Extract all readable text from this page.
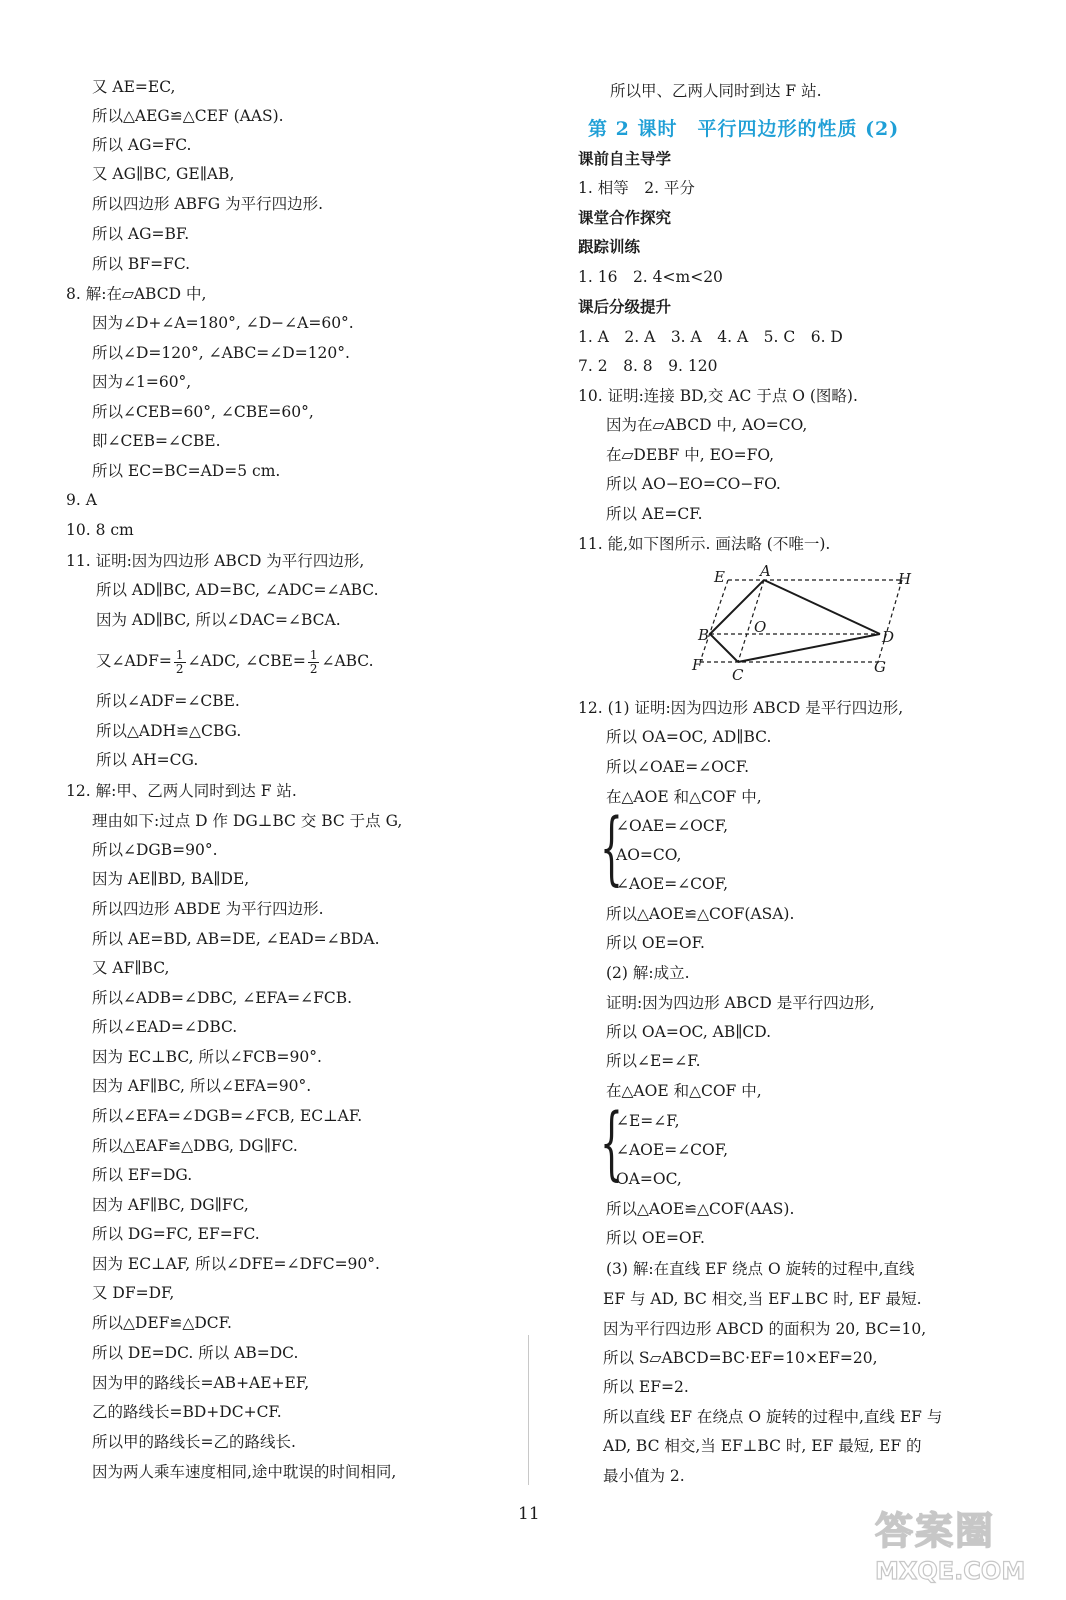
又 AE=EC,
所以△AEG≌△CEF (AAS).
所以 AG=FC.
又 AG∥BC, GE∥AB,
所以四边形 ABFG 为平行四边形.
所以 AG=BF.
所以 BF=FC.
8. 解:在▱ABCD 中,
因为∠D+∠A=180°, ∠D−∠A=60°.
所以∠D=120°, ∠ABC=∠D=120°.
因为∠1=60°,
所以∠CEB=60°, ∠CBE=60°,
即∠CEB=∠CBE.
所以 EC=BC=AD=5 cm.
9. A
10. 8 cm
11. 证明:因为四边形 ABCD 为平行四边形,
所以 AD∥BC, AD=BC, ∠ADC=∠ABC.
因为 AD∥BC, 所以∠DAC=∠BCA.
又∠ADF= $\frac{1}{2}$ ∠ADC, ∠CBE= $\frac{1}{2}$ ∠ABC.
所以∠ADF=∠CBE.
所以△ADH≌△CBG.
所以 AH=CG.
12. 解:甲、乙两人同时到达 F 站.
理由如下:过点 D 作 DG⊥BC 交 BC 于点 G,
所以∠DGB=90°.
因为 AE∥BD, BA∥DE,
所以四边形 ABDE 为平行四边形.
所以 AE=BD, AB=DE, ∠EAD=∠BDA.
又 AF∥BC,
所以∠ADB=∠DBC, ∠EFA=∠FCB.
所以∠EAD=∠DBC.
因为 EC⊥BC, 所以∠FCB=90°.
因为 AF∥BC, 所以∠EFA=90°.
所以∠EFA=∠DGB=∠FCB, EC⊥AF.
所以△EAF≌△DBG, DG∥FC.
所以 EF=DG.
因为 AF∥BC, DG∥FC,
所以 DG=FC, EF=FC.
因为 EC⊥AF, 所以∠DFE=∠DFC=90°.
又 DF=DF,
所以△DEF≌△DCF.
所以 DE=DC. 所以 AB=DC.
因为甲的路线长=AB+AE+EF,
乙的路线长=BD+DC+CF.
所以甲的路线长=乙的路线长.
因为两人乘车速度相同,途中耽误的时间相同,
所以甲、乙两人同时到达 F 站.
第 2 课时　平行四边形的性质 (2)
课前自主导学
1. 相等　2. 平分
课堂合作探究
跟踪训练
1. 16　2. 4<m<20
课后分级提升
1. A　2. A　3. A　4. A　5. C　6. D
7. 2　8. 8　9. 120
10. 证明:连接 BD,交 AC 于点 O (图略).
因为在▱ABCD 中, AO=CO,
在▱DEBF 中, EO=FO,
所以 AO−EO=CO−FO.
所以 AE=CF.
11. 能,如下图所示. 画法略 (不唯一).
E A	H
B	O
D
F
C	G
12. (1) 证明:因为四边形 ABCD 是平行四边形,
所以 OA=OC, AD∥BC.
所以∠OAE=∠OCF.
在△AOE 和△COF 中,
{
∠OAE=∠OCF,
AO=CO,
∠AOE=∠COF,
所以△AOE≌△COF(ASA).
所以 OE=OF.
(2) 解:成立.
证明:因为四边形 ABCD 是平行四边形,
所以 OA=OC, AB∥CD.
所以∠E=∠F.
在△AOE 和△COF 中,
{
∠E=∠F,
∠AOE=∠COF,
OA=OC,
所以△AOE≌△COF(AAS).
所以 OE=OF.
(3) 解:在直线 EF 绕点 O 旋转的过程中,直线
EF 与 AD, BC 相交,当 EF⊥BC 时, EF 最短.
因为平行四边形 ABCD 的面积为 20, BC=10,
所以 S▱ABCD=BC·EF=10×EF=20,
所以 EF=2.
所以直线 EF 在绕点 O 旋转的过程中,直线 EF 与
AD, BC 相交,当 EF⊥BC 时, EF 最短, EF 的
最小值为 2.
11	答案圈
MXQE.COM
